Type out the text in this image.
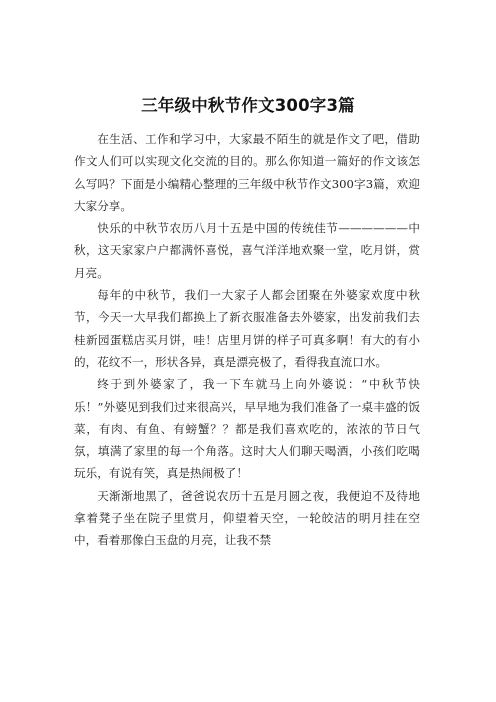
三年级中秋节作文300字3篇

在生活、工作和学习中，大家最不陌生的就是作文了吧，借助作文人们可以实现文化交流的目的。那么你知道一篇好的作文该怎么写吗？下面是小编精心整理的三年级中秋节作文300字3篇，欢迎大家分享。

快乐的中秋节农历八月十五是中国的传统佳节——————中秋，这天家家户户都满怀喜悦，喜气洋洋地欢聚一堂，吃月饼，赏月亮。

每年的中秋节，我们一大家子人都会团聚在外婆家欢度中秋节，今天一大早我们都换上了新衣服准备去外婆家，出发前我们去桂新园蛋糕店买月饼，哇！店里月饼的样子可真多啊！有大的有小的，花纹不一，形状各异，真是漂亮极了，看得我直流口水。

终于到外婆家了，我一下车就马上向外婆说：“中秋节快乐！”外婆见到我们过来很高兴，早早地为我们准备了一桌丰盛的饭菜，有肉、有鱼、有螃蟹？？都是我们喜欢吃的，浓浓的节日气氛，填满了家里的每一个角落。这时大人们聊天喝酒，小孩们吃喝玩乐，有说有笑，真是热闹极了！

天渐渐地黑了，爸爸说农历十五是月圆之夜，我便迫不及待地拿着凳子坐在院子里赏月，仰望着天空，一轮皎洁的明月挂在空中，看着那像白玉盘的月亮，让我不禁
